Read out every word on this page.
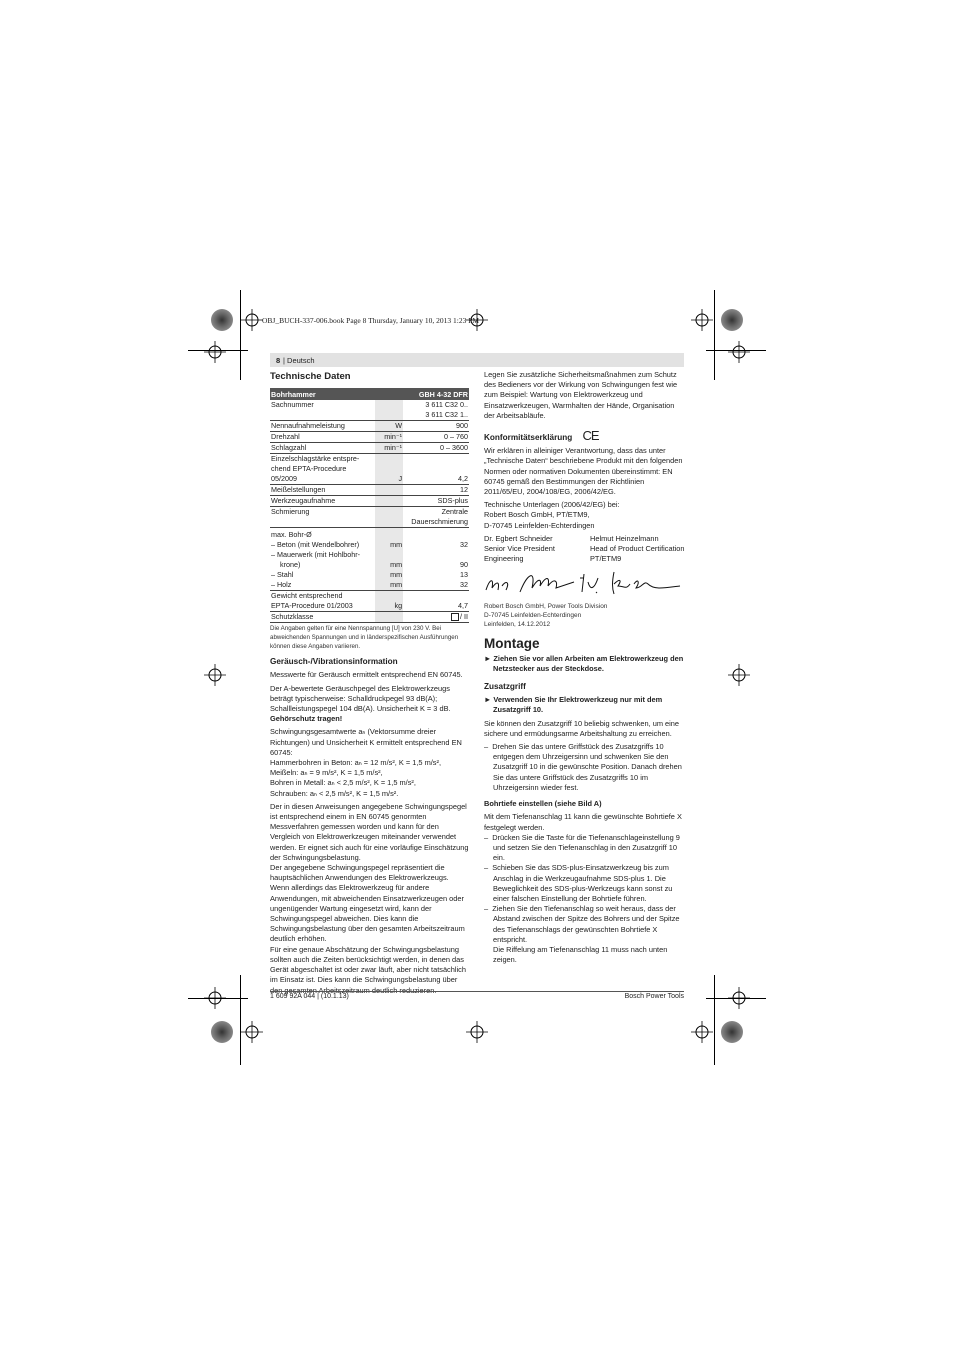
OBJ_BUCH-337-006.book Page 8 Thursday, January 10, 2013 1:23 PM
8 | Deutsch
Technische Daten
Bohrhammer		GBH 4-32 DFR
Sachnummer		3 611 C32 0..
		3 611 C32 1..
Nennaufnahmeleistung	W	900
Drehzahl	min⁻¹	0 – 760
Schlagzahl	min⁻¹	0 – 3600
Einzelschlagstärke entspre-		
chend EPTA-Procedure		
05/2009	J	4,2
Meißelstellungen		12
Werkzeugaufnahme		SDS-plus
Schmierung		Zentrale
		Dauerschmierung
max. Bohr-Ø		
– Beton (mit Wendelbohrer)	mm	32
– Mauerwerk (mit Hohlbohr-		
krone)	mm	90
– Stahl	mm	13
– Holz	mm	32
Gewicht entsprechend		
EPTA-Procedure 01/2003	kg	4,7
Schutzklasse		/ II
Die Angaben gelten für eine Nennspannung [U] von 230 V. Bei abweichenden Spannungen und in länderspezifischen Ausführungen können diese Angaben variieren.
Geräusch-/Vibrationsinformation

Messwerte für Geräusch ermittelt entsprechend EN 60745.

Der A-bewertete Geräuschpegel des Elektrowerkzeugs beträgt typischerweise: Schalldruckpegel 93 dB(A); Schallleistungspegel 104 dB(A). Unsicherheit K = 3 dB.

Gehörschutz tragen!

Schwingungsgesamtwerte aₕ (Vektorsumme dreier Richtungen) und Unsicherheit K ermittelt entsprechend EN 60745:
Hammerbohren in Beton: aₕ = 12 m/s², K = 1,5 m/s²,
Meißeln: aₕ = 9 m/s², K = 1,5 m/s²,
Bohren in Metall: aₕ < 2,5 m/s², K = 1,5 m/s²,
Schrauben: aₕ < 2,5 m/s², K = 1,5 m/s².

Der in diesen Anweisungen angegebene Schwingungspegel ist entsprechend einem in EN 60745 genormten Messverfahren gemessen worden und kann für den Vergleich von Elektrowerkzeugen miteinander verwendet werden. Er eignet sich auch für eine vorläufige Einschätzung der Schwingungsbelastung.

Der angegebene Schwingungspegel repräsentiert die hauptsächlichen Anwendungen des Elektrowerkzeugs. Wenn allerdings das Elektrowerkzeug für andere Anwendungen, mit abweichenden Einsatzwerkzeugen oder ungenügender Wartung eingesetzt wird, kann der Schwingungspegel abweichen. Dies kann die Schwingungsbelastung über den gesamten Arbeitszeitraum deutlich erhöhen.

Für eine genaue Abschätzung der Schwingungsbelastung sollten auch die Zeiten berücksichtigt werden, in denen das Gerät abgeschaltet ist oder zwar läuft, aber nicht tatsächlich im Einsatz ist. Dies kann die Schwingungsbelastung über den gesamten Arbeitszeitraum deutlich reduzieren.

Legen Sie zusätzliche Sicherheitsmaßnahmen zum Schutz des Bedieners vor der Wirkung von Schwingungen fest wie zum Beispiel: Wartung von Elektrowerkzeug und Einsatzwerkzeugen, Warmhalten der Hände, Organisation der Arbeitsabläufe.

Konformitätserklärung CE

Wir erklären in alleiniger Verantwortung, dass das unter „Technische Daten“ beschriebene Produkt mit den folgenden Normen oder normativen Dokumenten übereinstimmt: EN 60745 gemäß den Bestimmungen der Richtlinien 2011/65/EU, 2004/108/EG, 2006/42/EG.

Technische Unterlagen (2006/42/EG) bei:
Robert Bosch GmbH, PT/ETM9,
D-70745 Leinfelden-Echterdingen
Dr. Egbert Schneider
Senior Vice President
Engineering
Helmut Heinzelmann
Head of Product Certification
PT/ETM9
Robert Bosch GmbH, Power Tools Division
D-70745 Leinfelden-Echterdingen
Leinfelden, 14.12.2012
Montage

► Ziehen Sie vor allen Arbeiten am Elektrowerkzeug den Netzstecker aus der Steckdose.

Zusatzgriff

► Verwenden Sie Ihr Elektrowerkzeug nur mit dem Zusatzgriff 10.

Sie können den Zusatzgriff 10 beliebig schwenken, um eine sichere und ermüdungsarme Arbeitshaltung zu erreichen.

–  Drehen Sie das untere Griffstück des Zusatzgriffs 10 entgegen dem Uhrzeigersinn und schwenken Sie den Zusatzgriff 10 in die gewünschte Position. Danach drehen Sie das untere Griffstück des Zusatzgriffs 10 im Uhrzeigersinn wieder fest.

Bohrtiefe einstellen (siehe Bild A)

Mit dem Tiefenanschlag 11 kann die gewünschte Bohrtiefe X festgelegt werden.

–  Drücken Sie die Taste für die Tiefenanschlageinstellung 9 und setzen Sie den Tiefenanschlag in den Zusatzgriff 10 ein.

–  Schieben Sie das SDS-plus-Einsatzwerkzeug bis zum Anschlag in die Werkzeugaufnahme SDS-plus 1. Die Beweglichkeit des SDS-plus-Werkzeugs kann sonst zu einer falschen Einstellung der Bohrtiefe führen.

–  Ziehen Sie den Tiefenanschlag so weit heraus, dass der Abstand zwischen der Spitze des Bohrers und der Spitze des Tiefenanschlags der gewünschten Bohrtiefe X entspricht.

Die Riffelung am Tiefenanschlag 11 muss nach unten zeigen.

1 609 92A 044 | (10.1.13)	Bosch Power Tools
